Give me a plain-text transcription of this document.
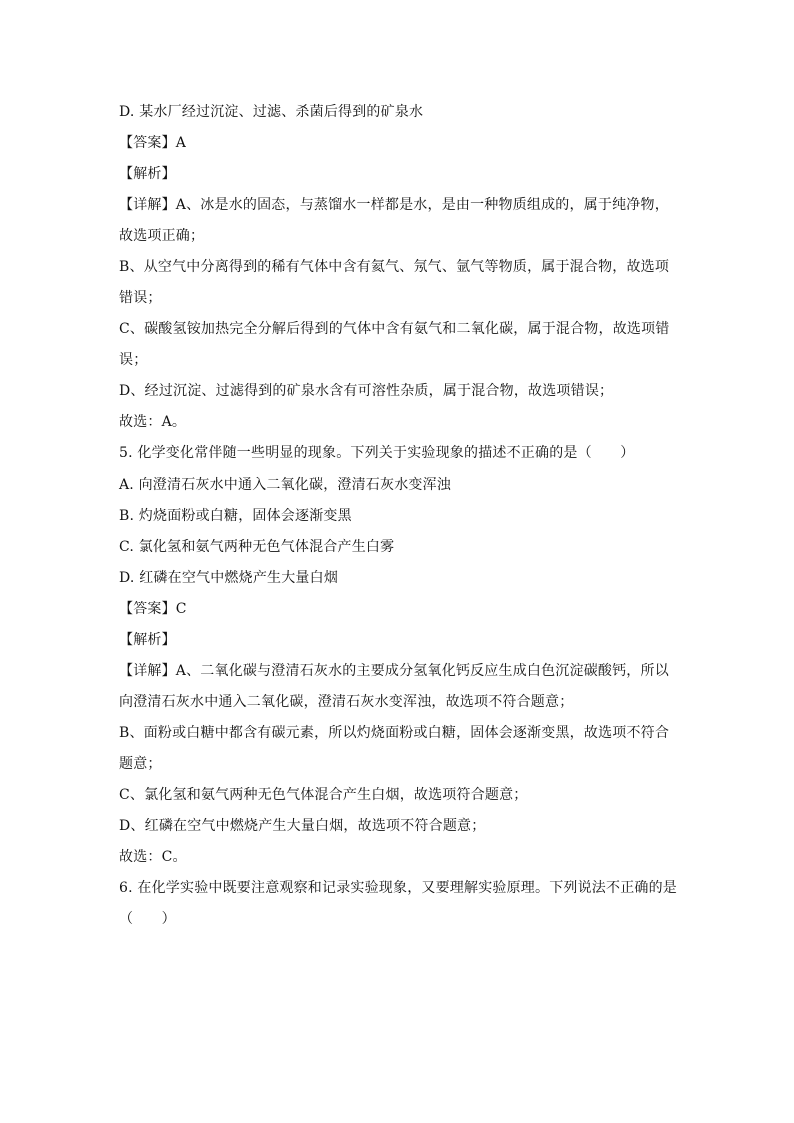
D. 某水厂经过沉淀、过滤、杀菌后得到的矿泉水
【答案】A
【解析】
【详解】A、冰是水的固态，与蒸馏水一样都是水，是由一种物质组成的，属于纯净物，
故选项正确；
B、从空气中分离得到的稀有气体中含有氦气、氖气、氩气等物质，属于混合物，故选项
错误；
C、碳酸氢铵加热完全分解后得到的气体中含有氨气和二氧化碳，属于混合物，故选项错
误；
D、经过沉淀、过滤得到的矿泉水含有可溶性杂质，属于混合物，故选项错误；
故选：A。
5. 化学变化常伴随一些明显的现象。下列关于实验现象的描述不正确的是（　　）
A. 向澄清石灰水中通入二氧化碳，澄清石灰水变浑浊
B. 灼烧面粉或白糖，固体会逐渐变黑
C. 氯化氢和氨气两种无色气体混合产生白雾
D. 红磷在空气中燃烧产生大量白烟
【答案】C
【解析】
【详解】A、二氧化碳与澄清石灰水的主要成分氢氧化钙反应生成白色沉淀碳酸钙，所以
向澄清石灰水中通入二氧化碳，澄清石灰水变浑浊，故选项不符合题意；
B、面粉或白糖中都含有碳元素，所以灼烧面粉或白糖，固体会逐渐变黑，故选项不符合
题意；
C、氯化氢和氨气两种无色气体混合产生白烟，故选项符合题意；
D、红磷在空气中燃烧产生大量白烟，故选项不符合题意；
故选：C。
6. 在化学实验中既要注意观察和记录实验现象，又要理解实验原理。下列说法不正确的是
（　　）
